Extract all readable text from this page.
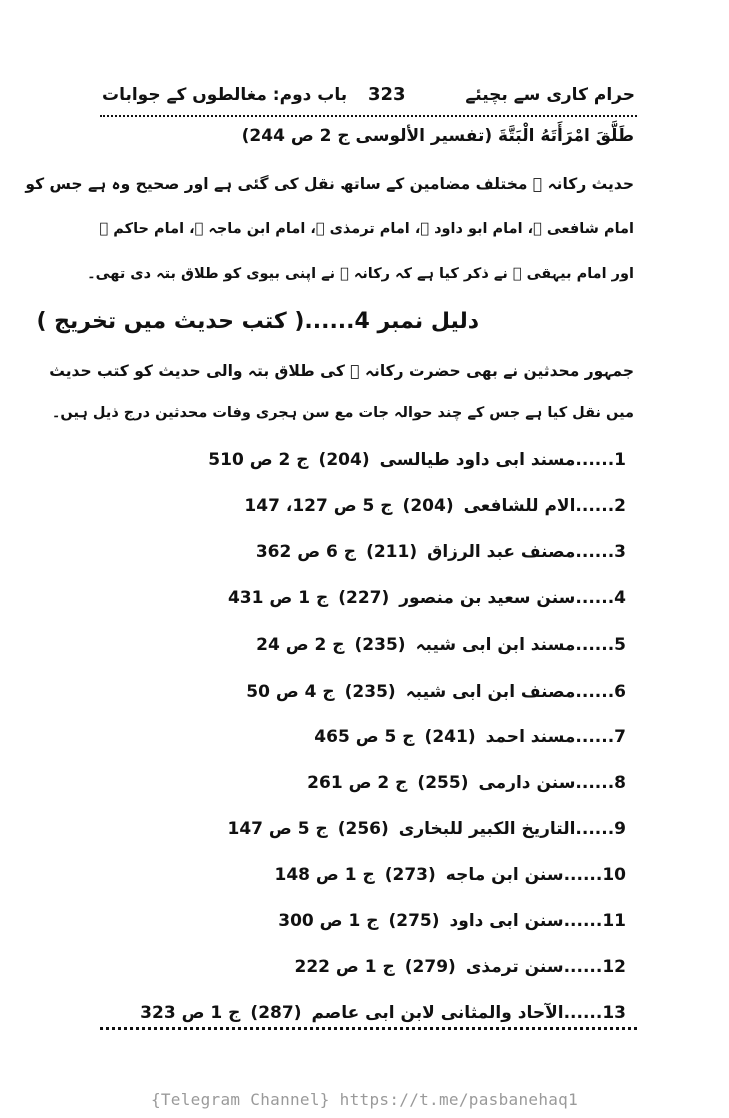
باب دوم: مغالطوں کے جوابات 323	حرام کاری سے بچیئے
طَلَّقَ امْرَأَتَهُ الْبَتَّةَ (تفسیر الألوسی ج 2 ص 244)
حدیث رکانہ ﷜ مختلف مضامین کے ساتھ نقل کی گئی ہے اور صحیح وہ ہے جس کو
امام شافعی ﷫، امام ابو داود ﷫، امام ترمذی ﷫، امام ابن ماجہ ﷫، امام حاکم ﷫
اور امام بیہقی ﷫ نے ذکر کیا ہے کہ رکانہ ﷜ نے اپنی بیوی کو طلاق بتہ دی تھی۔
دلیل نمبر 4......( کتب حدیث میں تخریج )
جمہور محدثین نے بھی حضرت رکانہ ﷜ کی طلاق بتہ والی حدیث کو کتب حدیث
میں نقل کیا ہے جس کے چند حوالہ جات مع سن ہجری وفات محدثین درج ذیل ہیں۔
1......مسند ابی داود طیالسی(204)ج 2 ص 510
2......الام للشافعی(204)ج 5 ص 127، 147
3......مصنف عبد الرزاق(211)ج 6 ص 362
4......سنن سعید بن منصور(227)ج 1 ص 431
5......مسند ابن ابی شیبہ(235)ج 2 ص 24
6......مصنف ابن ابی شیبہ(235)ج 4 ص 50
7......مسند احمد(241)ج 5 ص 465
8......سنن دارمی(255)ج 2 ص 261
9......التاریخ الکبیر للبخاری(256)ج 5 ص 147
10......سنن ابن ماجه(273)ج 1 ص 148
11......سنن ابی داود(275)ج 1 ص 300
12......سنن ترمذی(279)ج 1 ص 222
13......الآحاد والمثانی لابن ابی عاصم(287)ج 1 ص 323
{Telegram Channel} https://t.me/pasbanehaq1
